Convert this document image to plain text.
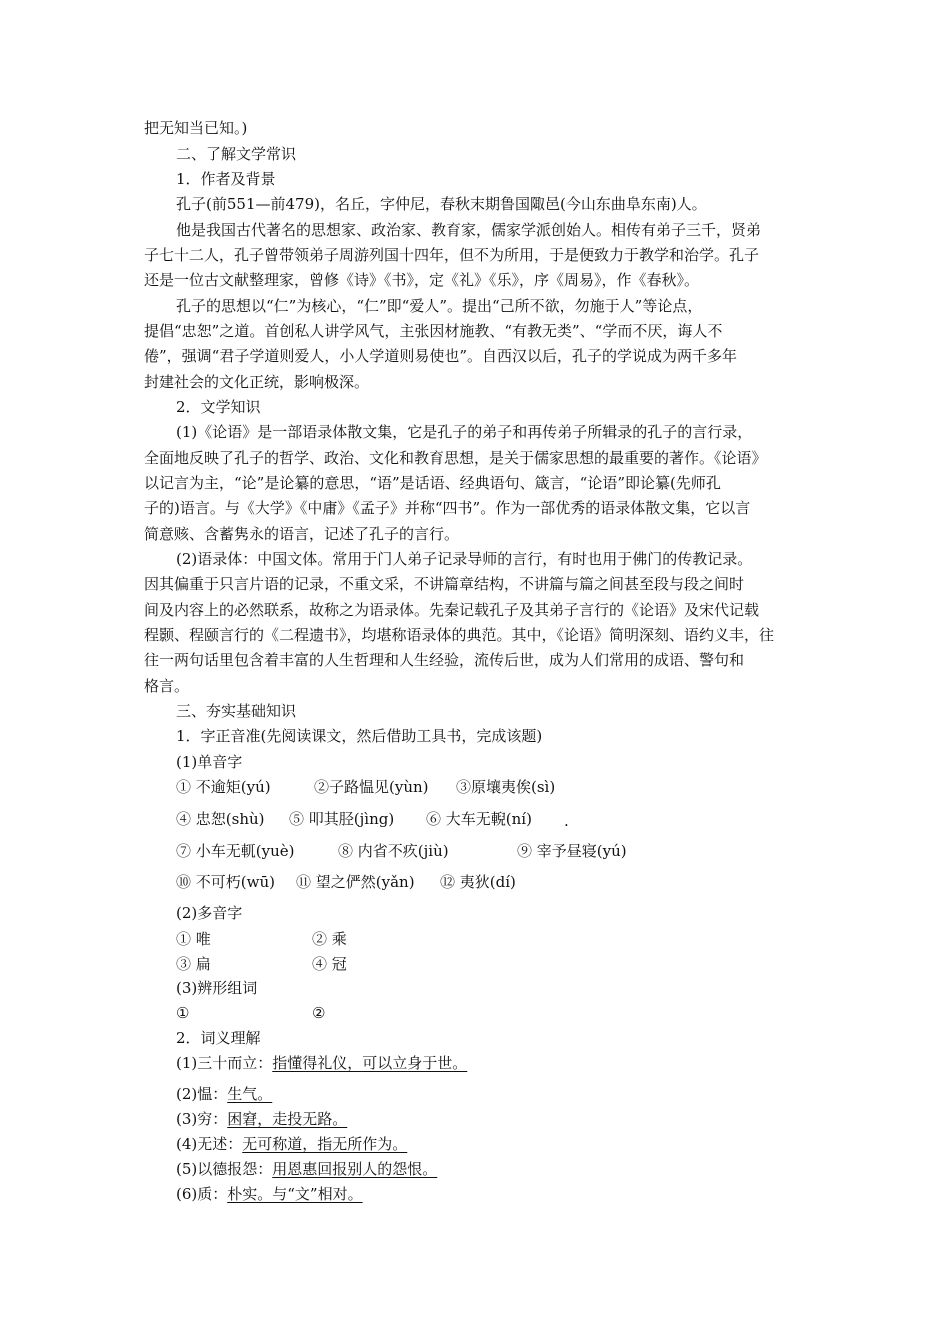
把无知当已知。)

二、了解文学常识

1．作者及背景

孔子(前551—前479)，名丘，字仲尼，春秋末期鲁国陬邑(今山东曲阜东南)人。

他是我国古代著名的思想家、政治家、教育家，儒家学派创始人。相传有弟子三千，贤弟

子七十二人，孔子曾带领弟子周游列国十四年，但不为所用，于是便致力于教学和治学。孔子

还是一位古文献整理家，曾修《诗》《书》，定《礼》《乐》，序《周易》，作《春秋》。

孔子的思想以“仁”为核心，“仁”即“爱人”。提出“己所不欲，勿施于人”等论点，

提倡“忠恕”之道。首创私人讲学风气，主张因材施教、“有教无类”、“学而不厌，诲人不

倦”，强调“君子学道则爱人，小人学道则易使也”。自西汉以后，孔子的学说成为两千多年

封建社会的文化正统，影响极深。

2．文学知识

(1)《论语》是一部语录体散文集，它是孔子的弟子和再传弟子所辑录的孔子的言行录，

全面地反映了孔子的哲学、政治、文化和教育思想，是关于儒家思想的最重要的著作。《论语》

以记言为主，“论”是论纂的意思，“语”是话语、经典语句、箴言，“论语”即论纂(先师孔

子的)语言。与《大学》《中庸》《孟子》并称“四书”。作为一部优秀的语录体散文集，它以言

简意赅、含蓄隽永的语言，记述了孔子的言行。

(2)语录体：中国文体。常用于门人弟子记录导师的言行，有时也用于佛门的传教记录。

因其偏重于只言片语的记录，不重文采，不讲篇章结构，不讲篇与篇之间甚至段与段之间时

间及内容上的必然联系，故称之为语录体。先秦记载孔子及其弟子言行的《论语》及宋代记载

程颢、程颐言行的《二程遗书》，均堪称语录体的典范。其中，《论语》简明深刻、语约义丰，往

往一两句话里包含着丰富的人生哲理和人生经验，流传后世，成为人们常用的成语、警句和

格言。

三、夯实基础知识

1．字正音准(先阅读课文，然后借助工具书，完成该题)

(1)单音字

① 不逾矩(yú)	②子路愠见(yùn) ③原壤夷俟(sì)

④ 忠恕(shù) ⑤ 叩其胫(jìng) ⑥ 大车无輗(ní) .

⑦ 小车无軏(yuè)	⑧ 内省不疚(jiù)	⑨ 宰予昼寝(yú)

⑩ 不可朽(wū) ⑪ 望之俨然(yǎn) ⑫ 夷狄(dí)

(2)多音字

① 唯	② 乘

③ 扁	④ 冠

(3)辨形组词

①	②

2．词义理解

(1)三十而立：指懂得礼仪，可以立身于世。

(2)愠：生气。

(3)穷：困窘，走投无路。

(4)无述：无可称道，指无所作为。

(5)以德报怨：用恩惠回报别人的怨恨。

(6)质：朴实。与“文”相对。
